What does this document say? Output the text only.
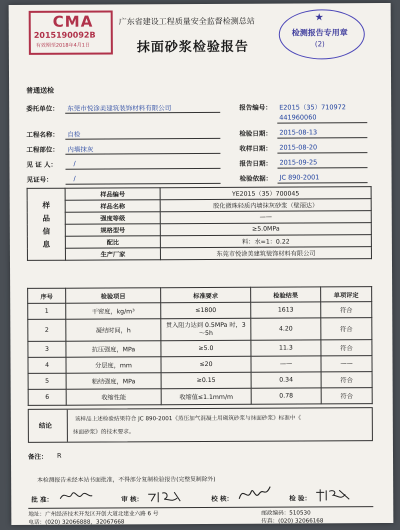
CMA
2015190092B
有效期至2018年4月1日
★
检测报告专用章
(2)
广东省建设工程质量安全监督检测总站
抹面砂浆检验报告
普通送检
委托单位： 东莞市悦涂美建筑装饰材料有限公司	报告编号： E2015（35）710972
441960060
工程名称： 自检	检验日期： 2015-08-13
工程部位： 内墙抹灰	收样日期： 2015-08-20
见 证 人：	/	报告日期： 2015-09-25
见证号：	/	检验依据： JC 890-2001
样
品
信
息	样品编号	YE2015（35）700045
	样品名称	胶化微珠轻质内墙抹灰砂浆（壁丽达）
	强度等级	——
	规格型号	≥5.0MPa
	配比	料：水=1：0.22
	生产厂家	东莞市悦涂美建筑装饰材料有限公司
序号	检验项目	标准要求	检验结果	单项评定
1	干密度，kg/m³	≤1800	1613	符合
2	凝结时间，h	贯入阻力达到 0.5MPa 时，3～5h	4.20	符合
3	抗压强度，MPa	≥5.0	11.3	符合
4	分层度，mm	≤20	——	——
5	粘结强度，MPa	≥0.15	0.34	符合
6	收缩性能	收缩值≤1.1mm/m	0.78	符合
结论
该样品上述检验结果符合 JC 890-2001《蒸压加气混凝土用砌筑砂浆与抹面砂浆》标准中《
抹面砂浆》的技术要求。
备注： R
本检测报告未经本站书面批准，不得部分复制检验报告(完整复制除外)
批 准：	审 核：	校 核：	检 验：
地址：广州经济技术开发区开创大道北建业六路 6 号	邮政编码：510530
电话：(020) 32066888，32067668	传真：(020) 32066168
